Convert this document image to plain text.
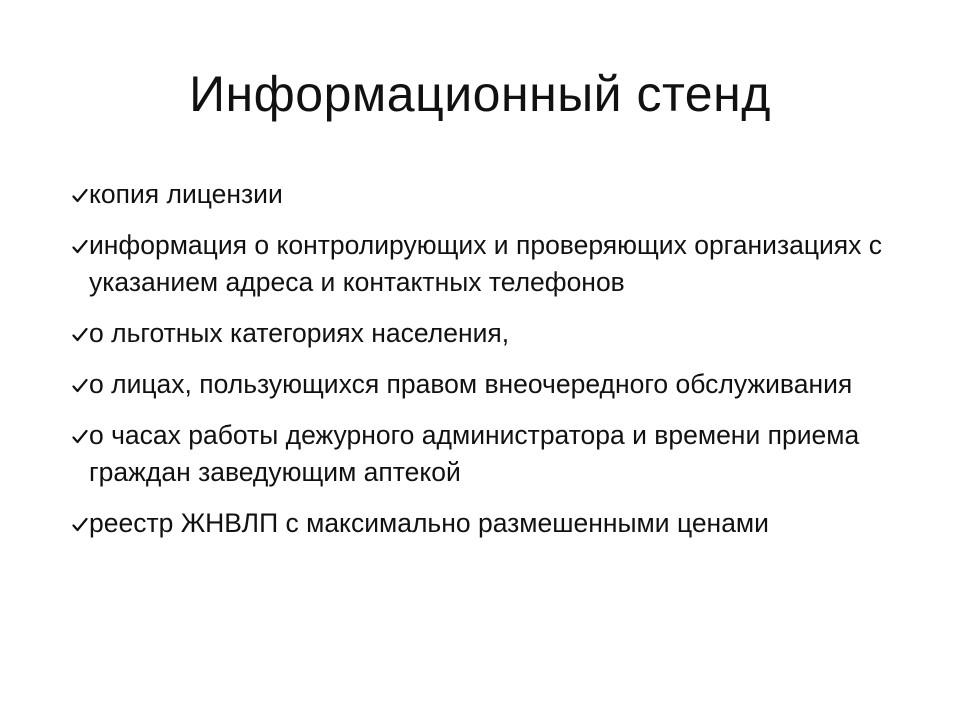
Информационный стенд
копия лицензии
информация о контролирующих и проверяющих организациях с указанием адреса и контактных телефонов
о льготных категориях населения,
о лицах, пользующихся правом внеочередного обслуживания
о часах работы дежурного администратора и времени приема граждан заведующим аптекой
реестр ЖНВЛП с максимально размешенными ценами
